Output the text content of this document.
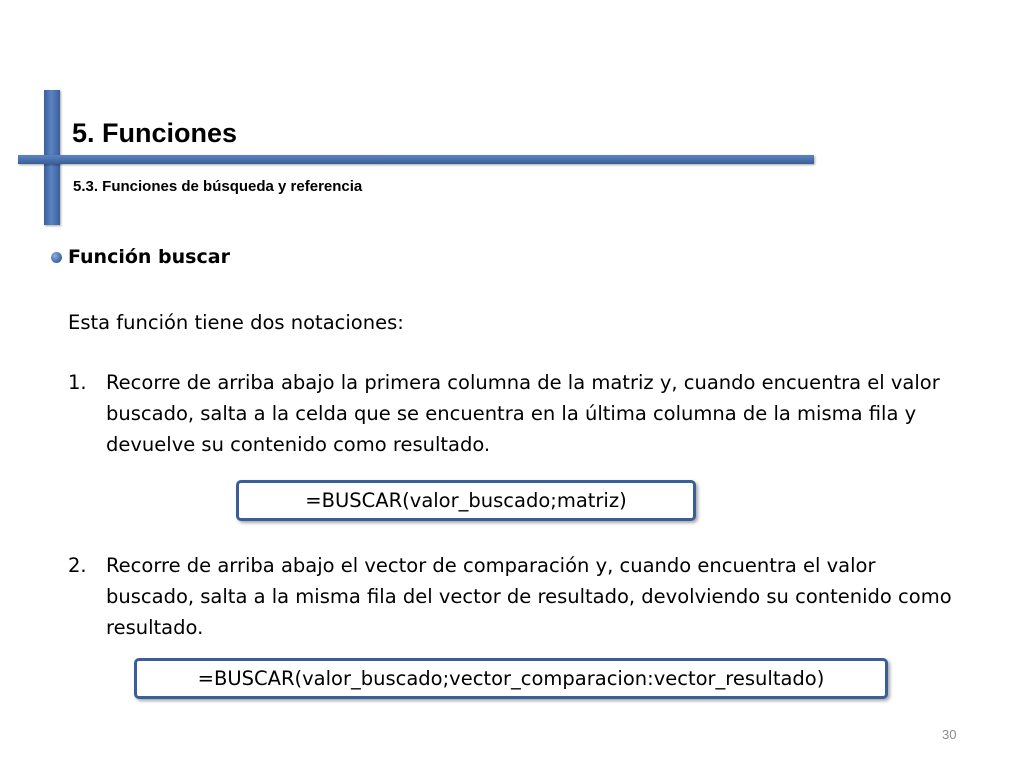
5. Funciones
5.3. Funciones de búsqueda y referencia
Función buscar
Esta función tiene dos notaciones:
1. Recorre de arriba abajo la primera columna de la matriz y, cuando encuentra el valor buscado, salta a la celda que se encuentra en la última columna de la misma fila y devuelve su contenido como resultado.
=BUSCAR(valor_buscado;matriz)
2. Recorre de arriba abajo el vector de comparación y, cuando encuentra el valor buscado, salta a la misma fila del vector de resultado, devolviendo su contenido como resultado.
=BUSCAR(valor_buscado;vector_comparacion:vector_resultado)
30
